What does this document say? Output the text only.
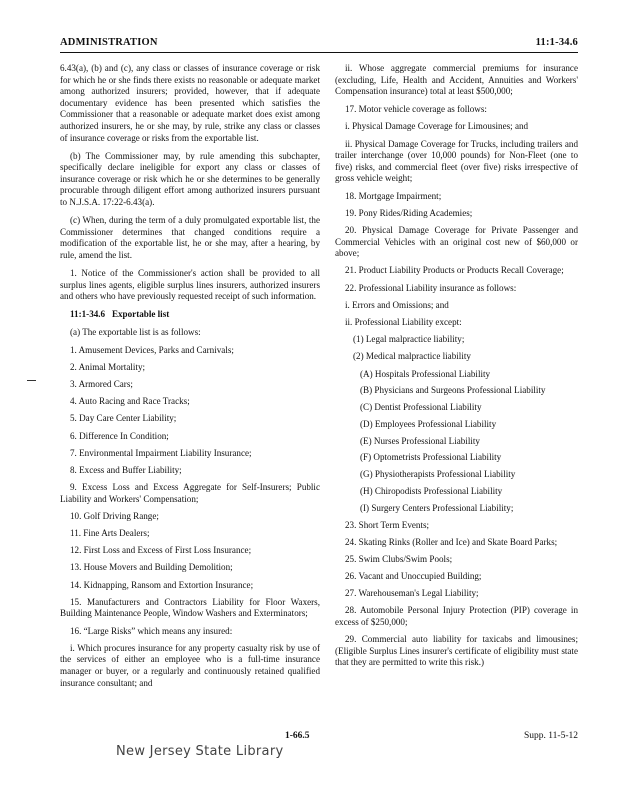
ADMINISTRATION	11:1-34.6

6.43(a), (b) and (c), any class or classes of insurance coverage or risk for which he or she finds there exists no reasonable or adequate market among authorized insurers; provided, however, that if adequate documentary evidence has been presented which satisfies the Commissioner that a reasonable or adequate market does exist among authorized insurers, he or she may, by rule, strike any class or classes of insurance coverage or risks from the exportable list.

(b) The Commissioner may, by rule amending this subchapter, specifically declare ineligible for export any class or classes of insurance coverage or risk which he or she determines to be generally procurable through diligent effort among authorized insurers pursuant to N.J.S.A. 17:22-6.43(a).

(c) When, during the term of a duly promulgated exportable list, the Commissioner determines that changed conditions require a modification of the exportable list, he or she may, after a hearing, by rule, amend the list.

1. Notice of the Commissioner's action shall be provided to all surplus lines agents, eligible surplus lines insurers, authorized insurers and others who have previously requested receipt of such information.

11:1-34.6 Exportable list

(a) The exportable list is as follows:

1. Amusement Devices, Parks and Carnivals;

2. Animal Mortality;

3. Armored Cars;

4. Auto Racing and Race Tracks;

5. Day Care Center Liability;

6. Difference In Condition;

7. Environmental Impairment Liability Insurance;

8. Excess and Buffer Liability;

9. Excess Loss and Excess Aggregate for Self-Insurers; Public Liability and Workers' Compensation;

10. Golf Driving Range;

11. Fine Arts Dealers;

12. First Loss and Excess of First Loss Insurance;

13. House Movers and Building Demolition;

14. Kidnapping, Ransom and Extortion Insurance;

15. Manufacturers and Contractors Liability for Floor Waxers, Building Maintenance People, Window Washers and Exterminators;

16. “Large Risks” which means any insured:

i. Which procures insurance for any property casualty risk by use of the services of either an employee who is a full-time insurance manager or buyer, or a regularly and continuously retained qualified insurance consultant; and

ii. Whose aggregate commercial premiums for insurance (excluding, Life, Health and Accident, Annuities and Workers' Compensation insurance) total at least $500,000;

17. Motor vehicle coverage as follows:

i. Physical Damage Coverage for Limousines; and

ii. Physical Damage Coverage for Trucks, including trailers and trailer interchange (over 10,000 pounds) for Non-Fleet (one to five) risks, and commercial fleet (over five) risks irrespective of gross vehicle weight;

18. Mortgage Impairment;

19. Pony Rides/Riding Academies;

20. Physical Damage Coverage for Private Passenger and Commercial Vehicles with an original cost new of $60,000 or above;

21. Product Liability Products or Products Recall Coverage;

22. Professional Liability insurance as follows:

i. Errors and Omissions; and

ii. Professional Liability except:

(1) Legal malpractice liability;

(2) Medical malpractice liability

(A) Hospitals Professional Liability

(B) Physicians and Surgeons Professional Liability

(C) Dentist Professional Liability

(D) Employees Professional Liability

(E) Nurses Professional Liability

(F) Optometrists Professional Liability

(G) Physiotherapists Professional Liability

(H) Chiropodists Professional Liability

(I) Surgery Centers Professional Liability;

23. Short Term Events;

24. Skating Rinks (Roller and Ice) and Skate Board Parks;

25. Swim Clubs/Swim Pools;

26. Vacant and Unoccupied Building;

27. Warehouseman's Legal Liability;

28. Automobile Personal Injury Protection (PIP) coverage in excess of $250,000;

29. Commercial auto liability for taxicabs and limousines; (Eligible Surplus Lines insurer's certificate of eligibility must state that they are permitted to write this risk.)

1-66.5	Supp. 11-5-12
New Jersey State Library
